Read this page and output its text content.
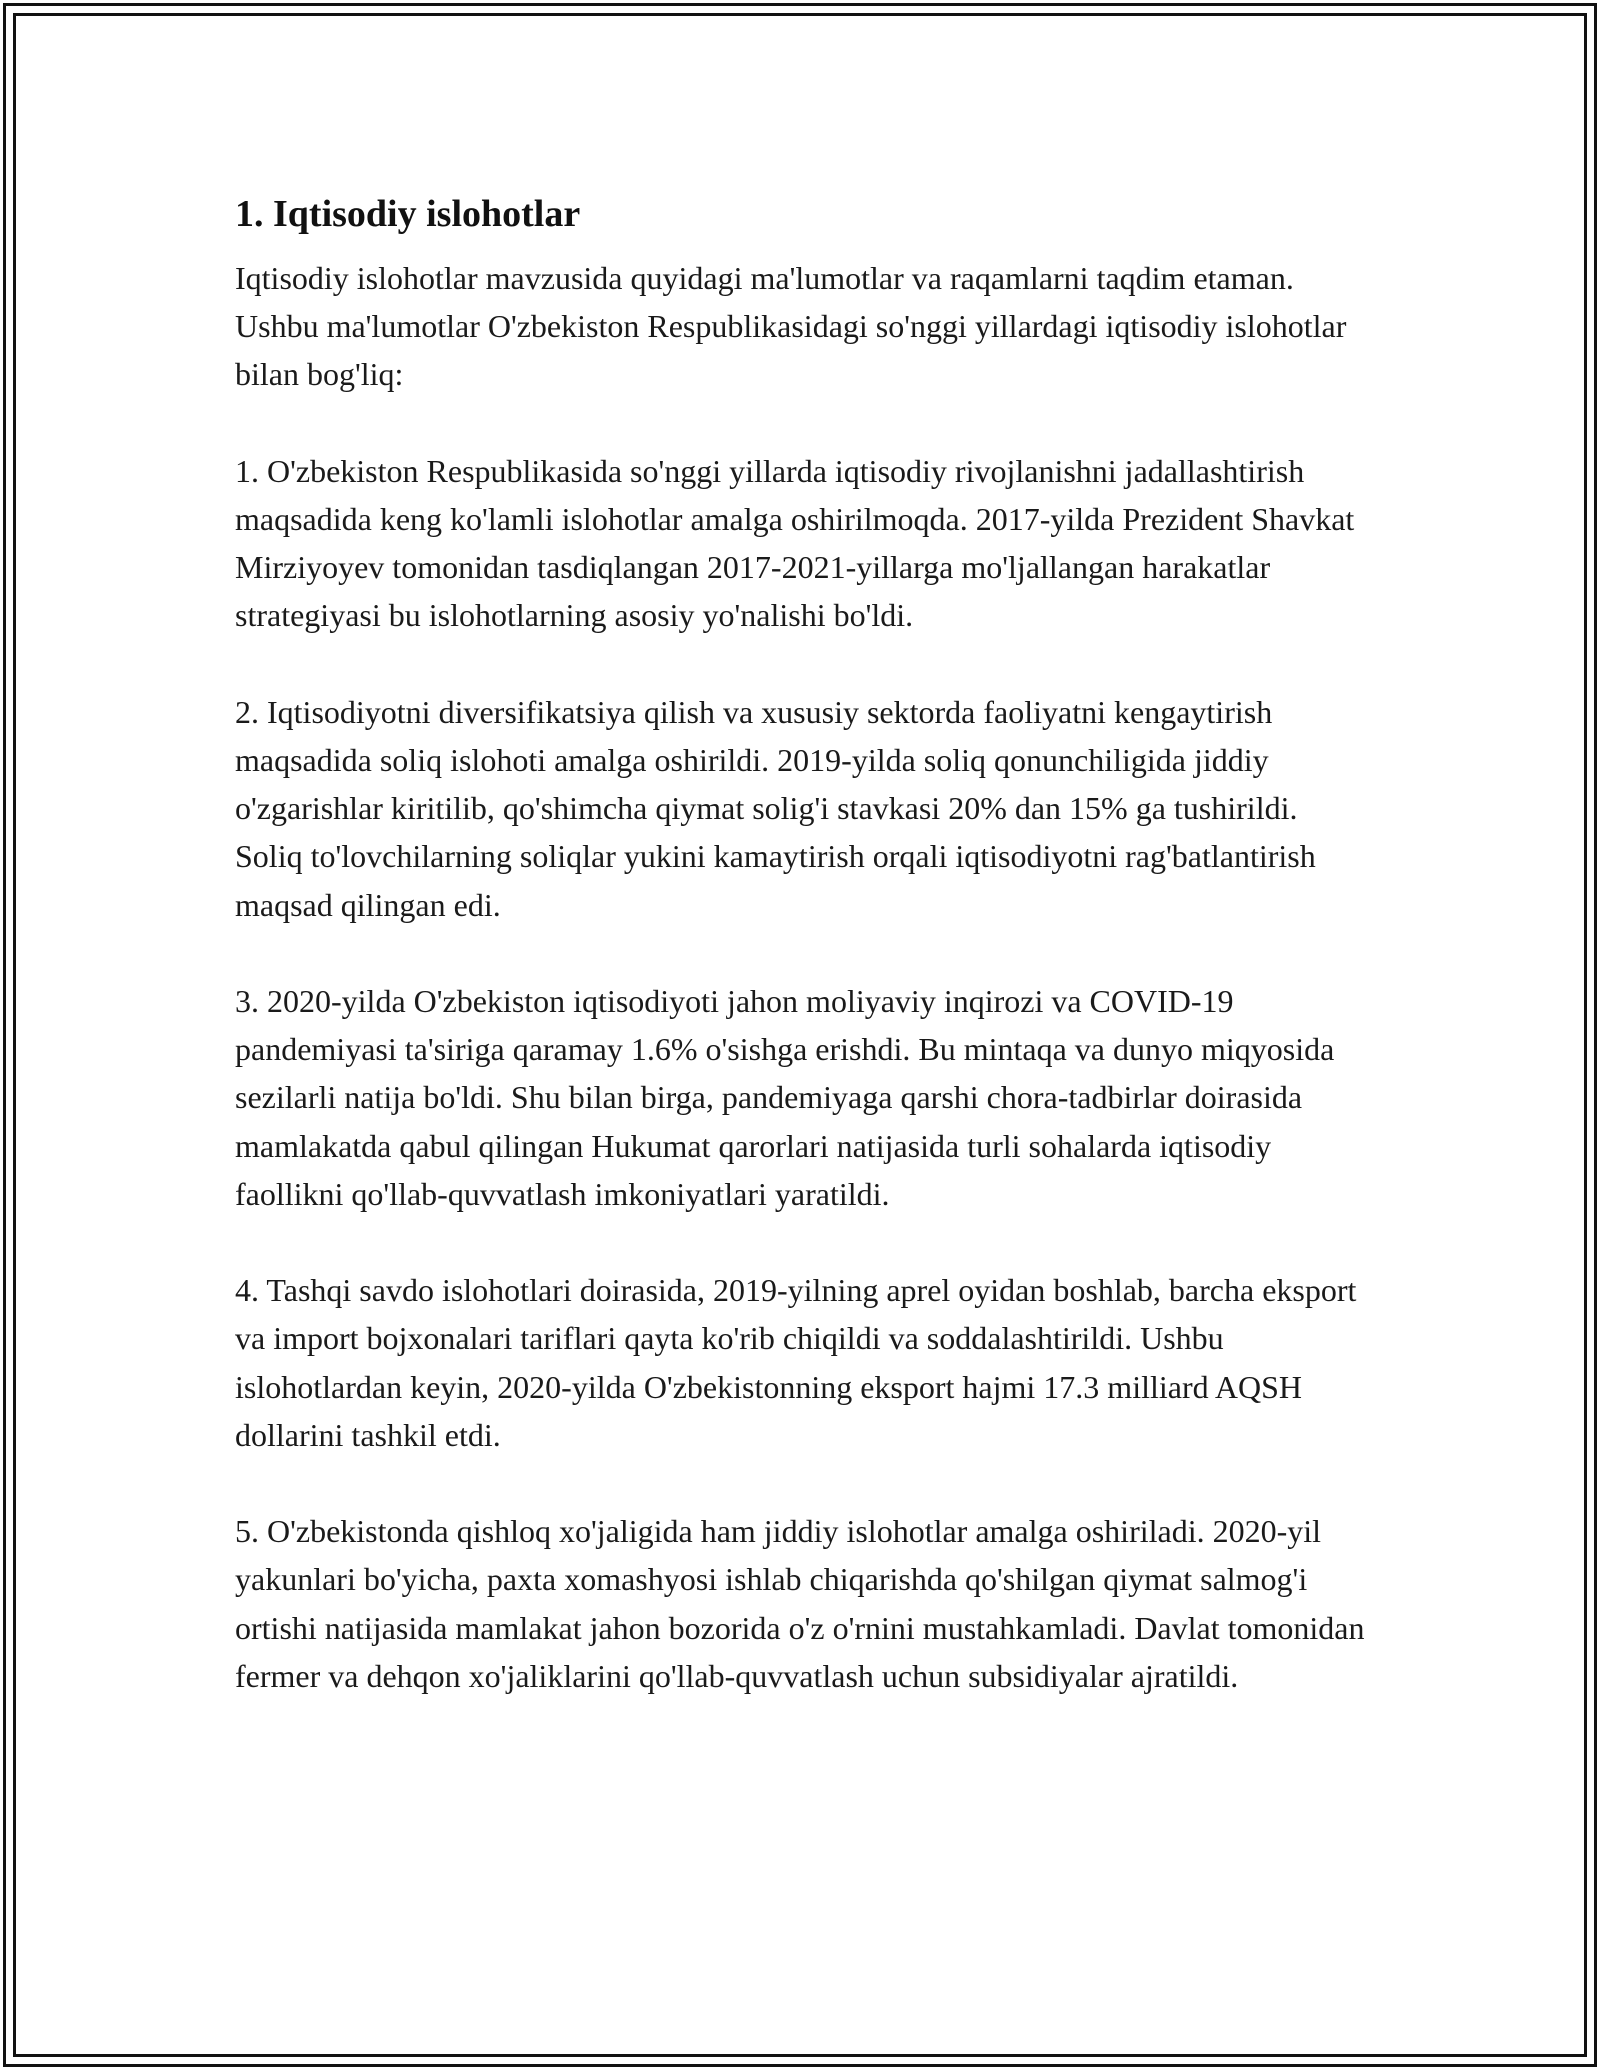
1. Iqtisodiy islohotlar

Iqtisodiy islohotlar mavzusida quyidagi ma'lumotlar va raqamlarni taqdim etaman. Ushbu ma'lumotlar O'zbekiston Respublikasidagi so'nggi yillardagi iqtisodiy islohotlar bilan bog'liq:

1. O'zbekiston Respublikasida so'nggi yillarda iqtisodiy rivojlanishni jadallashtirish maqsadida keng ko'lamli islohotlar amalga oshirilmoqda. 2017-yilda Prezident Shavkat Mirziyoyev tomonidan tasdiqlangan 2017-2021-yillarga mo'ljallangan harakatlar strategiyasi bu islohotlarning asosiy yo'nalishi bo'ldi.

2. Iqtisodiyotni diversifikatsiya qilish va xususiy sektorda faoliyatni kengaytirish maqsadida soliq islohoti amalga oshirildi. 2019-yilda soliq qonunchiligida jiddiy o'zgarishlar kiritilib, qo'shimcha qiymat solig'i stavkasi 20% dan 15% ga tushirildi. Soliq to'lovchilarning soliqlar yukini kamaytirish orqali iqtisodiyotni rag'batlantirish maqsad qilingan edi.

3. 2020-yilda O'zbekiston iqtisodiyoti jahon moliyaviy inqirozi va COVID-19 pandemiyasi ta'siriga qaramay 1.6% o'sishga erishdi. Bu mintaqa va dunyo miqyosida sezilarli natija bo'ldi. Shu bilan birga, pandemiyaga qarshi chora-tadbirlar doirasida mamlakatda qabul qilingan Hukumat qarorlari natijasida turli sohalarda iqtisodiy faollikni qo'llab-quvvatlash imkoniyatlari yaratildi.

4. Tashqi savdo islohotlari doirasida, 2019-yilning aprel oyidan boshlab, barcha eksport va import bojxonalari tariflari qayta ko'rib chiqildi va soddalashtirildi. Ushbu islohotlardan keyin, 2020-yilda O'zbekistonning eksport hajmi 17.3 milliard AQSH dollarini tashkil etdi.

5. O'zbekistonda qishloq xo'jaligida ham jiddiy islohotlar amalga oshiriladi. 2020-yil yakunlari bo'yicha, paxta xomashyosi ishlab chiqarishda qo'shilgan qiymat salmog'i ortishi natijasida mamlakat jahon bozorida o'z o'rnini mustahkamladi. Davlat tomonidan fermer va dehqon xo'jaliklarini qo'llab-quvvatlash uchun subsidiyalar ajratildi.
